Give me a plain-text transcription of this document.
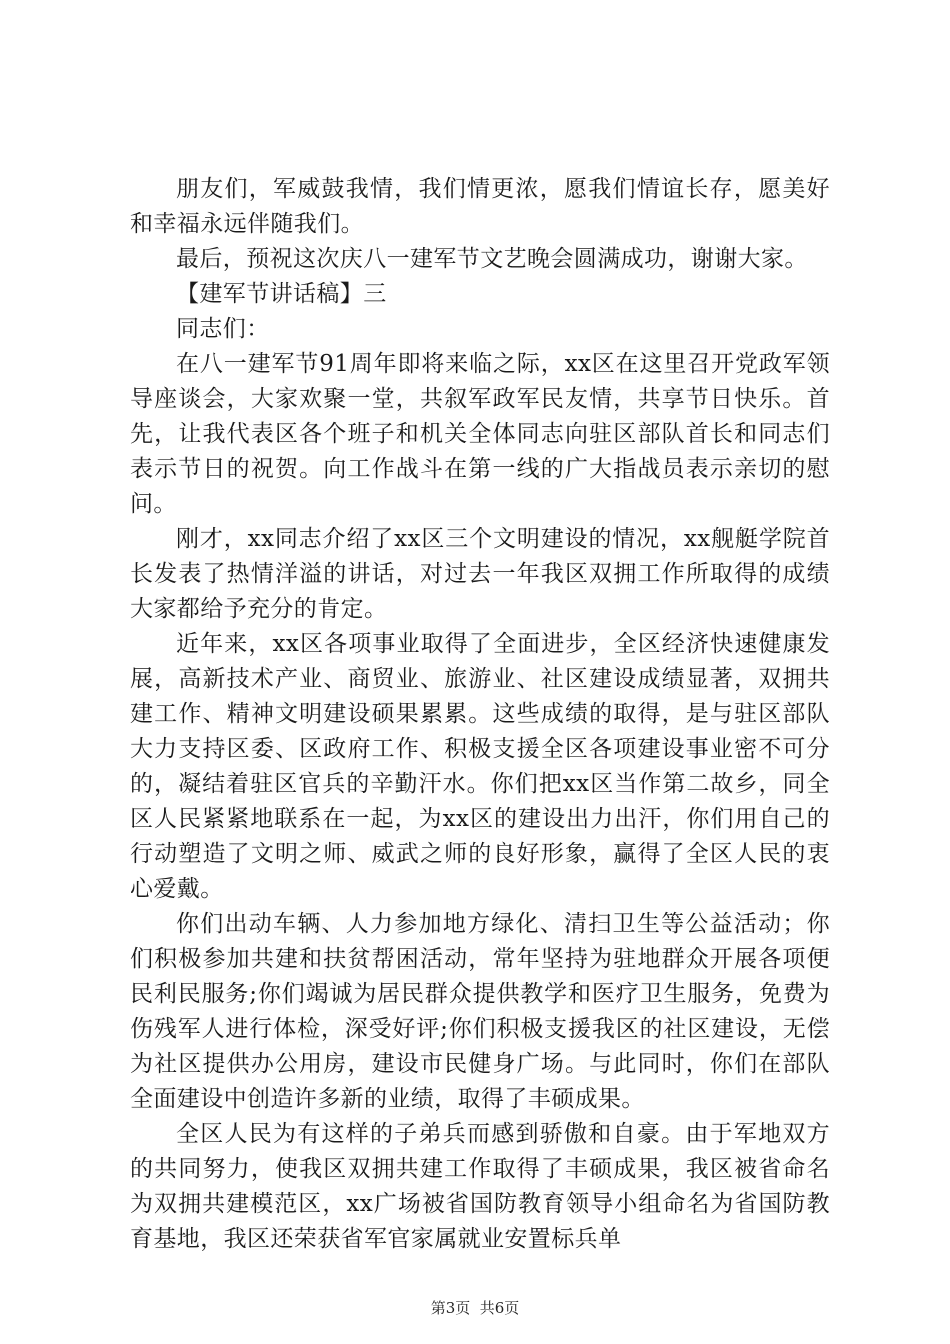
朋友们，军威鼓我情，我们情更浓，愿我们情谊长存，愿美好和幸福永远伴随我们。

最后，预祝这次庆八一建军节文艺晚会圆满成功，谢谢大家。

【建军节讲话稿】三

同志们：

在八一建军节91周年即将来临之际，xx区在这里召开党政军领导座谈会，大家欢聚一堂，共叙军政军民友情，共享节日快乐。首先，让我代表区各个班子和机关全体同志向驻区部队首长和同志们表示节日的祝贺。向工作战斗在第一线的广大指战员表示亲切的慰问。

刚才，xx同志介绍了xx区三个文明建设的情况，xx舰艇学院首长发表了热情洋溢的讲话，对过去一年我区双拥工作所取得的成绩大家都给予充分的肯定。

近年来，xx区各项事业取得了全面进步，全区经济快速健康发展，高新技术产业、商贸业、旅游业、社区建设成绩显著，双拥共建工作、精神文明建设硕果累累。这些成绩的取得，是与驻区部队大力支持区委、区政府工作、积极支援全区各项建设事业密不可分的，凝结着驻区官兵的辛勤汗水。你们把xx区当作第二故乡，同全区人民紧紧地联系在一起，为xx区的建设出力出汗，你们用自己的行动塑造了文明之师、威武之师的良好形象，赢得了全区人民的衷心爱戴。

你们出动车辆、人力参加地方绿化、清扫卫生等公益活动；你们积极参加共建和扶贫帮困活动，常年坚持为驻地群众开展各项便民利民服务;你们竭诚为居民群众提供教学和医疗卫生服务，免费为伤残军人进行体检，深受好评;你们积极支援我区的社区建设，无偿为社区提供办公用房，建设市民健身广场。与此同时，你们在部队全面建设中创造许多新的业绩，取得了丰硕成果。

全区人民为有这样的子弟兵而感到骄傲和自豪。由于军地双方的共同努力，使我区双拥共建工作取得了丰硕成果，我区被省命名为双拥共建模范区，xx广场被省国防教育领导小组命名为省国防教育基地，我区还荣获省军官家属就业安置标兵单

第3页  共6页
